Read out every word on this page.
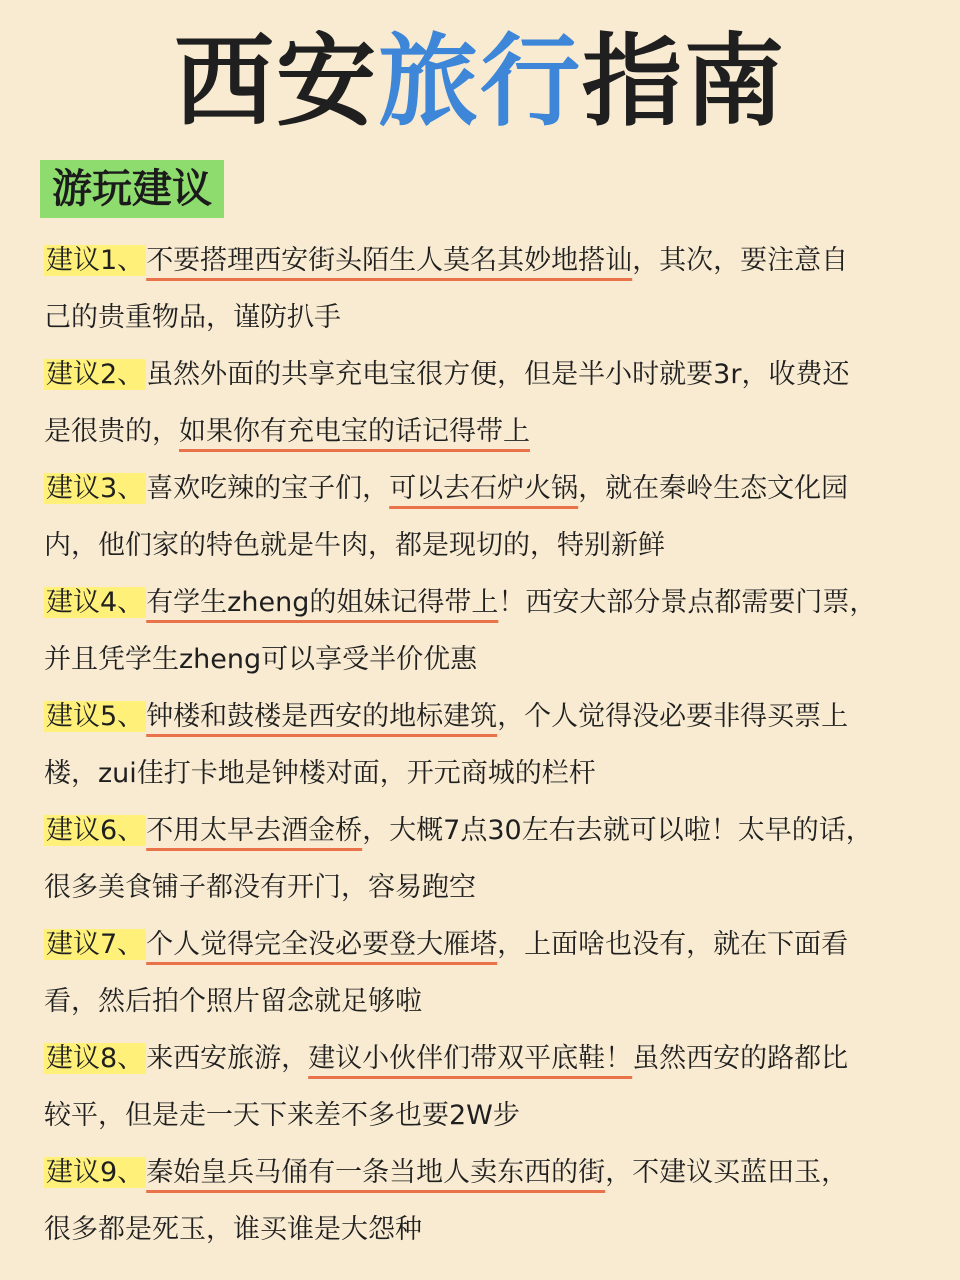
西安旅行指南
游玩建议
建议1、不要搭理西安街头陌生人莫名其妙地搭讪，其次，要注意自
己的贵重物品，谨防扒手
建议2、虽然外面的共享充电宝很方便，但是半小时就要3r，收费还
是很贵的，如果你有充电宝的话记得带上
建议3、喜欢吃辣的宝子们，可以去石炉火锅，就在秦岭生态文化园
内，他们家的特色就是牛肉，都是现切的，特别新鲜
建议4、有学生zheng的姐妹记得带上！西安大部分景点都需要门票，
并且凭学生zheng可以享受半价优惠
建议5、钟楼和鼓楼是西安的地标建筑，个人觉得没必要非得买票上
楼，zui佳打卡地是钟楼对面，开元商城的栏杆
建议6、不用太早去酒金桥，大概7点30左右去就可以啦！太早的话，
很多美食铺子都没有开门，容易跑空
建议7、个人觉得完全没必要登大雁塔，上面啥也没有，就在下面看
看，然后拍个照片留念就足够啦
建议8、来西安旅游，建议小伙伴们带双平底鞋！虽然西安的路都比
较平，但是走一天下来差不多也要2W步
建议9、秦始皇兵马俑有一条当地人卖东西的街，不建议买蓝田玉，
很多都是死玉，谁买谁是大怨种
